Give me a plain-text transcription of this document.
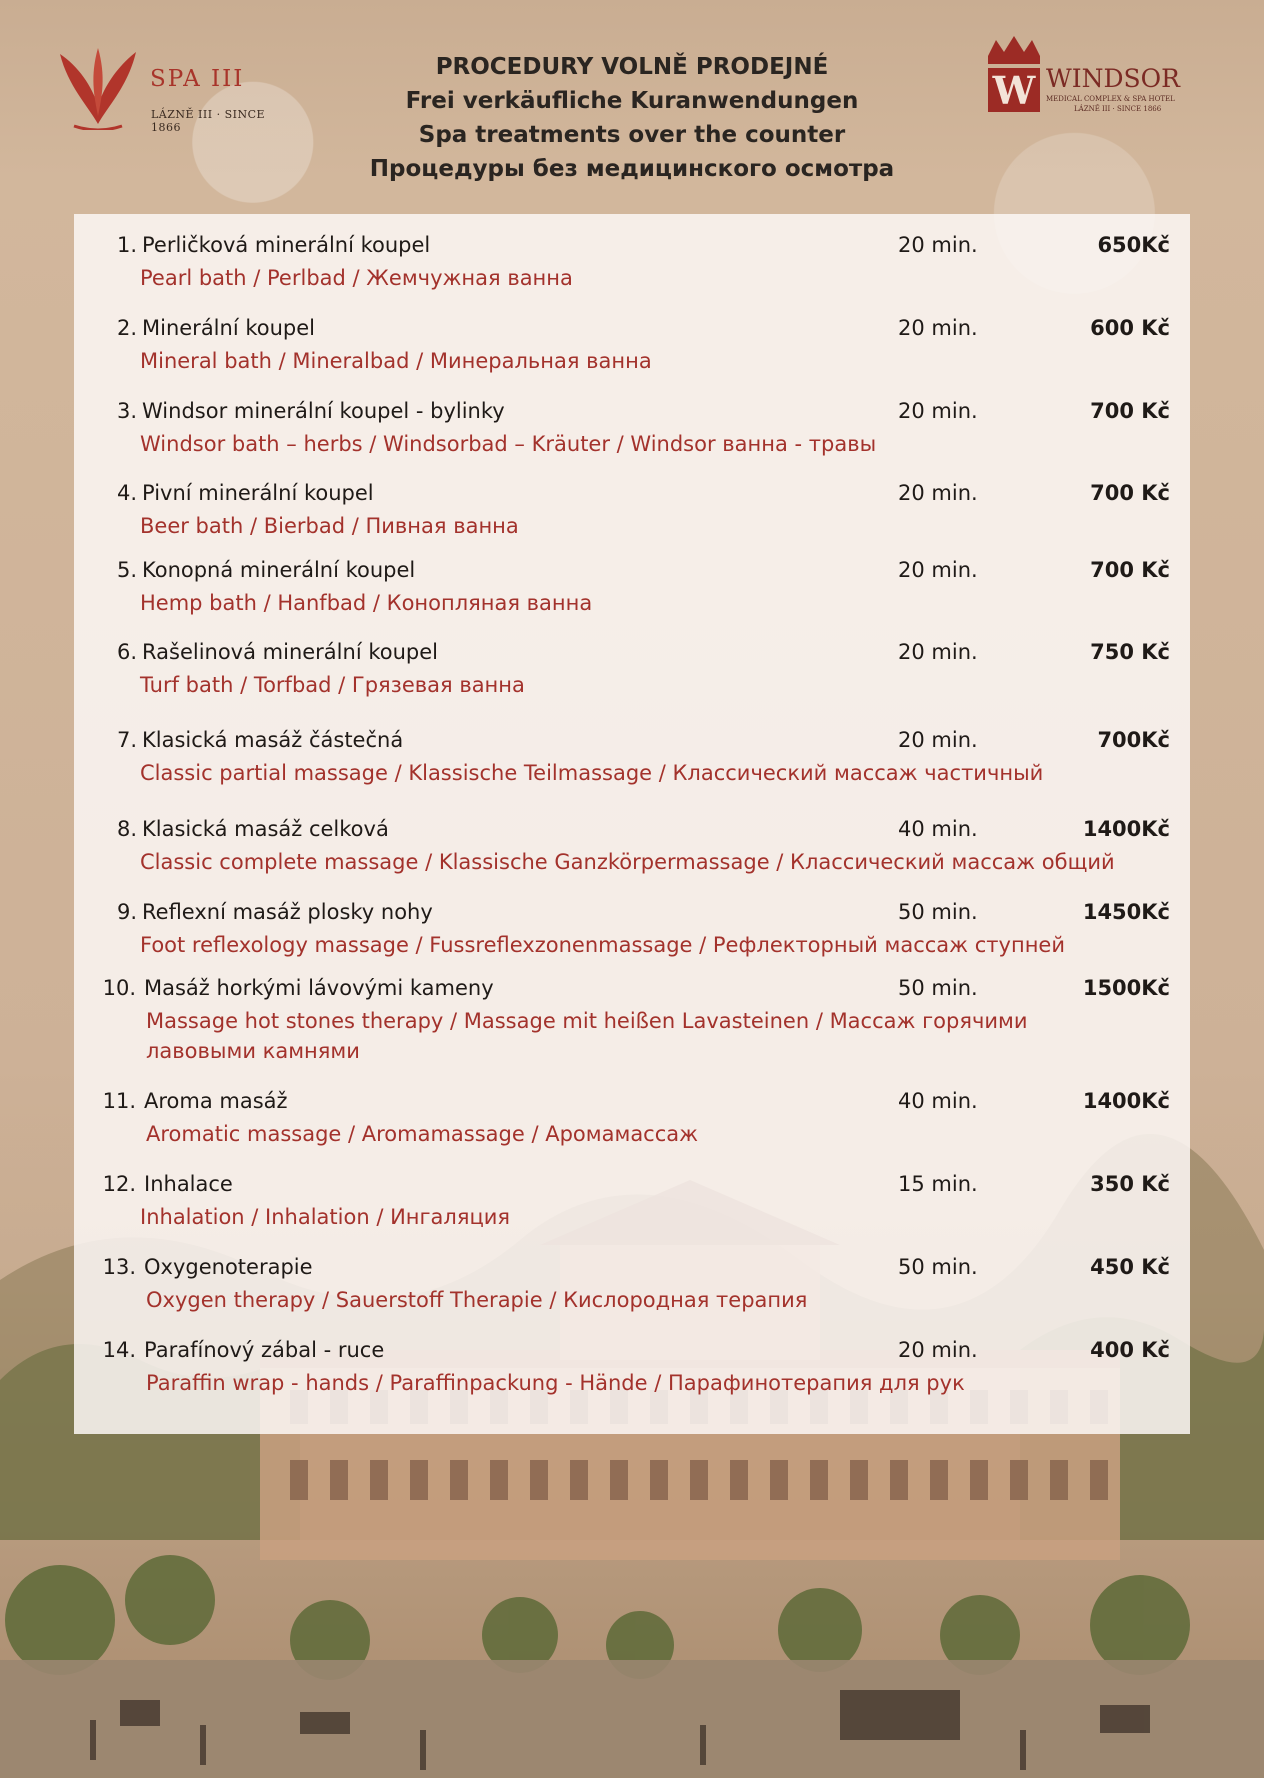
SPA III
LÁZNĚ III · SINCE 1866
PROCEDURY VOLNĚ PRODEJNÉ
Frei verkäufliche Kuranwendungen
Spa treatments over the counter
Процедуры без медицинского осмотра
W WINDSOR
MEDICAL COMPLEX & SPA HOTEL
LÁZNĚ III · SINCE 1866
1. Perličková minerální koupel	20 min.	650Kč
Pearl bath / Perlbad / Жемчужная ванна
2. Minerální koupel	20 min.	600 Kč
Mineral bath / Mineralbad / Минеральная ванна
3. Windsor minerální koupel - bylinky	20 min.	700 Kč
Windsor bath – herbs / Windsorbad – Kräuter / Windsor ванна - травы
4. Pivní minerální koupel	20 min.	700 Kč
Beer bath / Bierbad / Пивная ванна
5. Konopná minerální koupel	20 min.	700 Kč
Hemp bath / Hanfbad / Конопляная ванна
6. Rašelinová minerální koupel	20 min.	750 Kč
Turf bath / Torfbad / Грязевая ванна
7. Klasická masáž částečná	20 min.	700Kč
Classic partial massage / Klassische Teilmassage / Классический массаж частичный
8. Klasická masáž celková	40 min.	1400Kč
Classic complete massage / Klassische Ganzkörpermassage / Классический массаж общий
9. Reflexní masáž plosky nohy	50 min.	1450Kč
Foot reflexology massage / Fussreflexzonenmassage / Рефлекторный массаж ступней
10. Masáž horkými lávovými kameny	50 min.	1500Kč
Massage hot stones therapy / Massage mit heißen Lavasteinen / Массаж горячими
лавовыми камнями
11. Aroma masáž	40 min.	1400Kč
Aromatic massage / Aromamassage / Аромамассаж
12. Inhalace	15 min.	350 Kč
Inhalation / Inhalation / Ингаляция
13. Oxygenoterapie	50 min.	450 Kč
Oxygen therapy / Sauerstoff Therapie / Кислородная терапия
14. Parafínový zábal - ruce	20 min.	400 Kč
Paraffin wrap - hands / Paraffinpackung - Hände / Парафинотерапия для рук
